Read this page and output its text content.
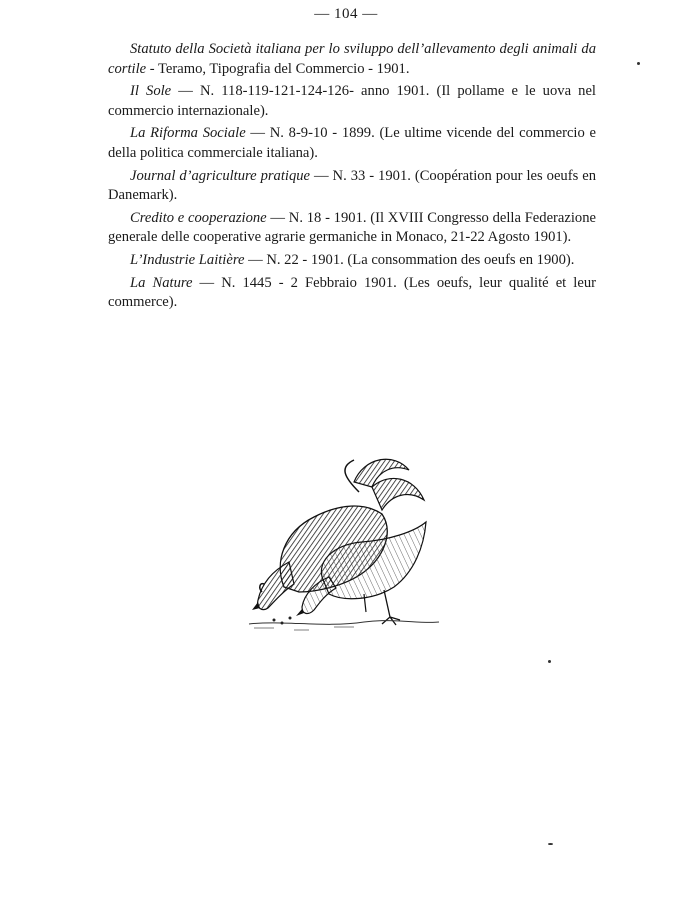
— 104 —

Statuto della Società italiana per lo sviluppo dell’allevamento degli animali da cortile - Teramo, Tipografia del Commercio - 1901.

Il Sole — N. 118-119-121-124-126- anno 1901. (Il pollame e le uova nel commercio internazionale).

La Riforma Sociale — N. 8-9-10 - 1899. (Le ultime vicende del commercio e della politica commerciale italiana).

Journal d’agriculture pratique — N. 33 - 1901. (Coopération pour les oeufs en Danemark).

Credito e cooperazione — N. 18 - 1901. (Il XVIII Congresso della Federazione generale delle cooperative agrarie germaniche in Monaco, 21-22 Agosto 1901).

L’Industrie Laitière — N. 22 - 1901. (La consommation des oeufs en 1900).

La Nature — N. 1445 - 2 Febbraio 1901. (Les oeufs, leur qualité et leur commerce).
